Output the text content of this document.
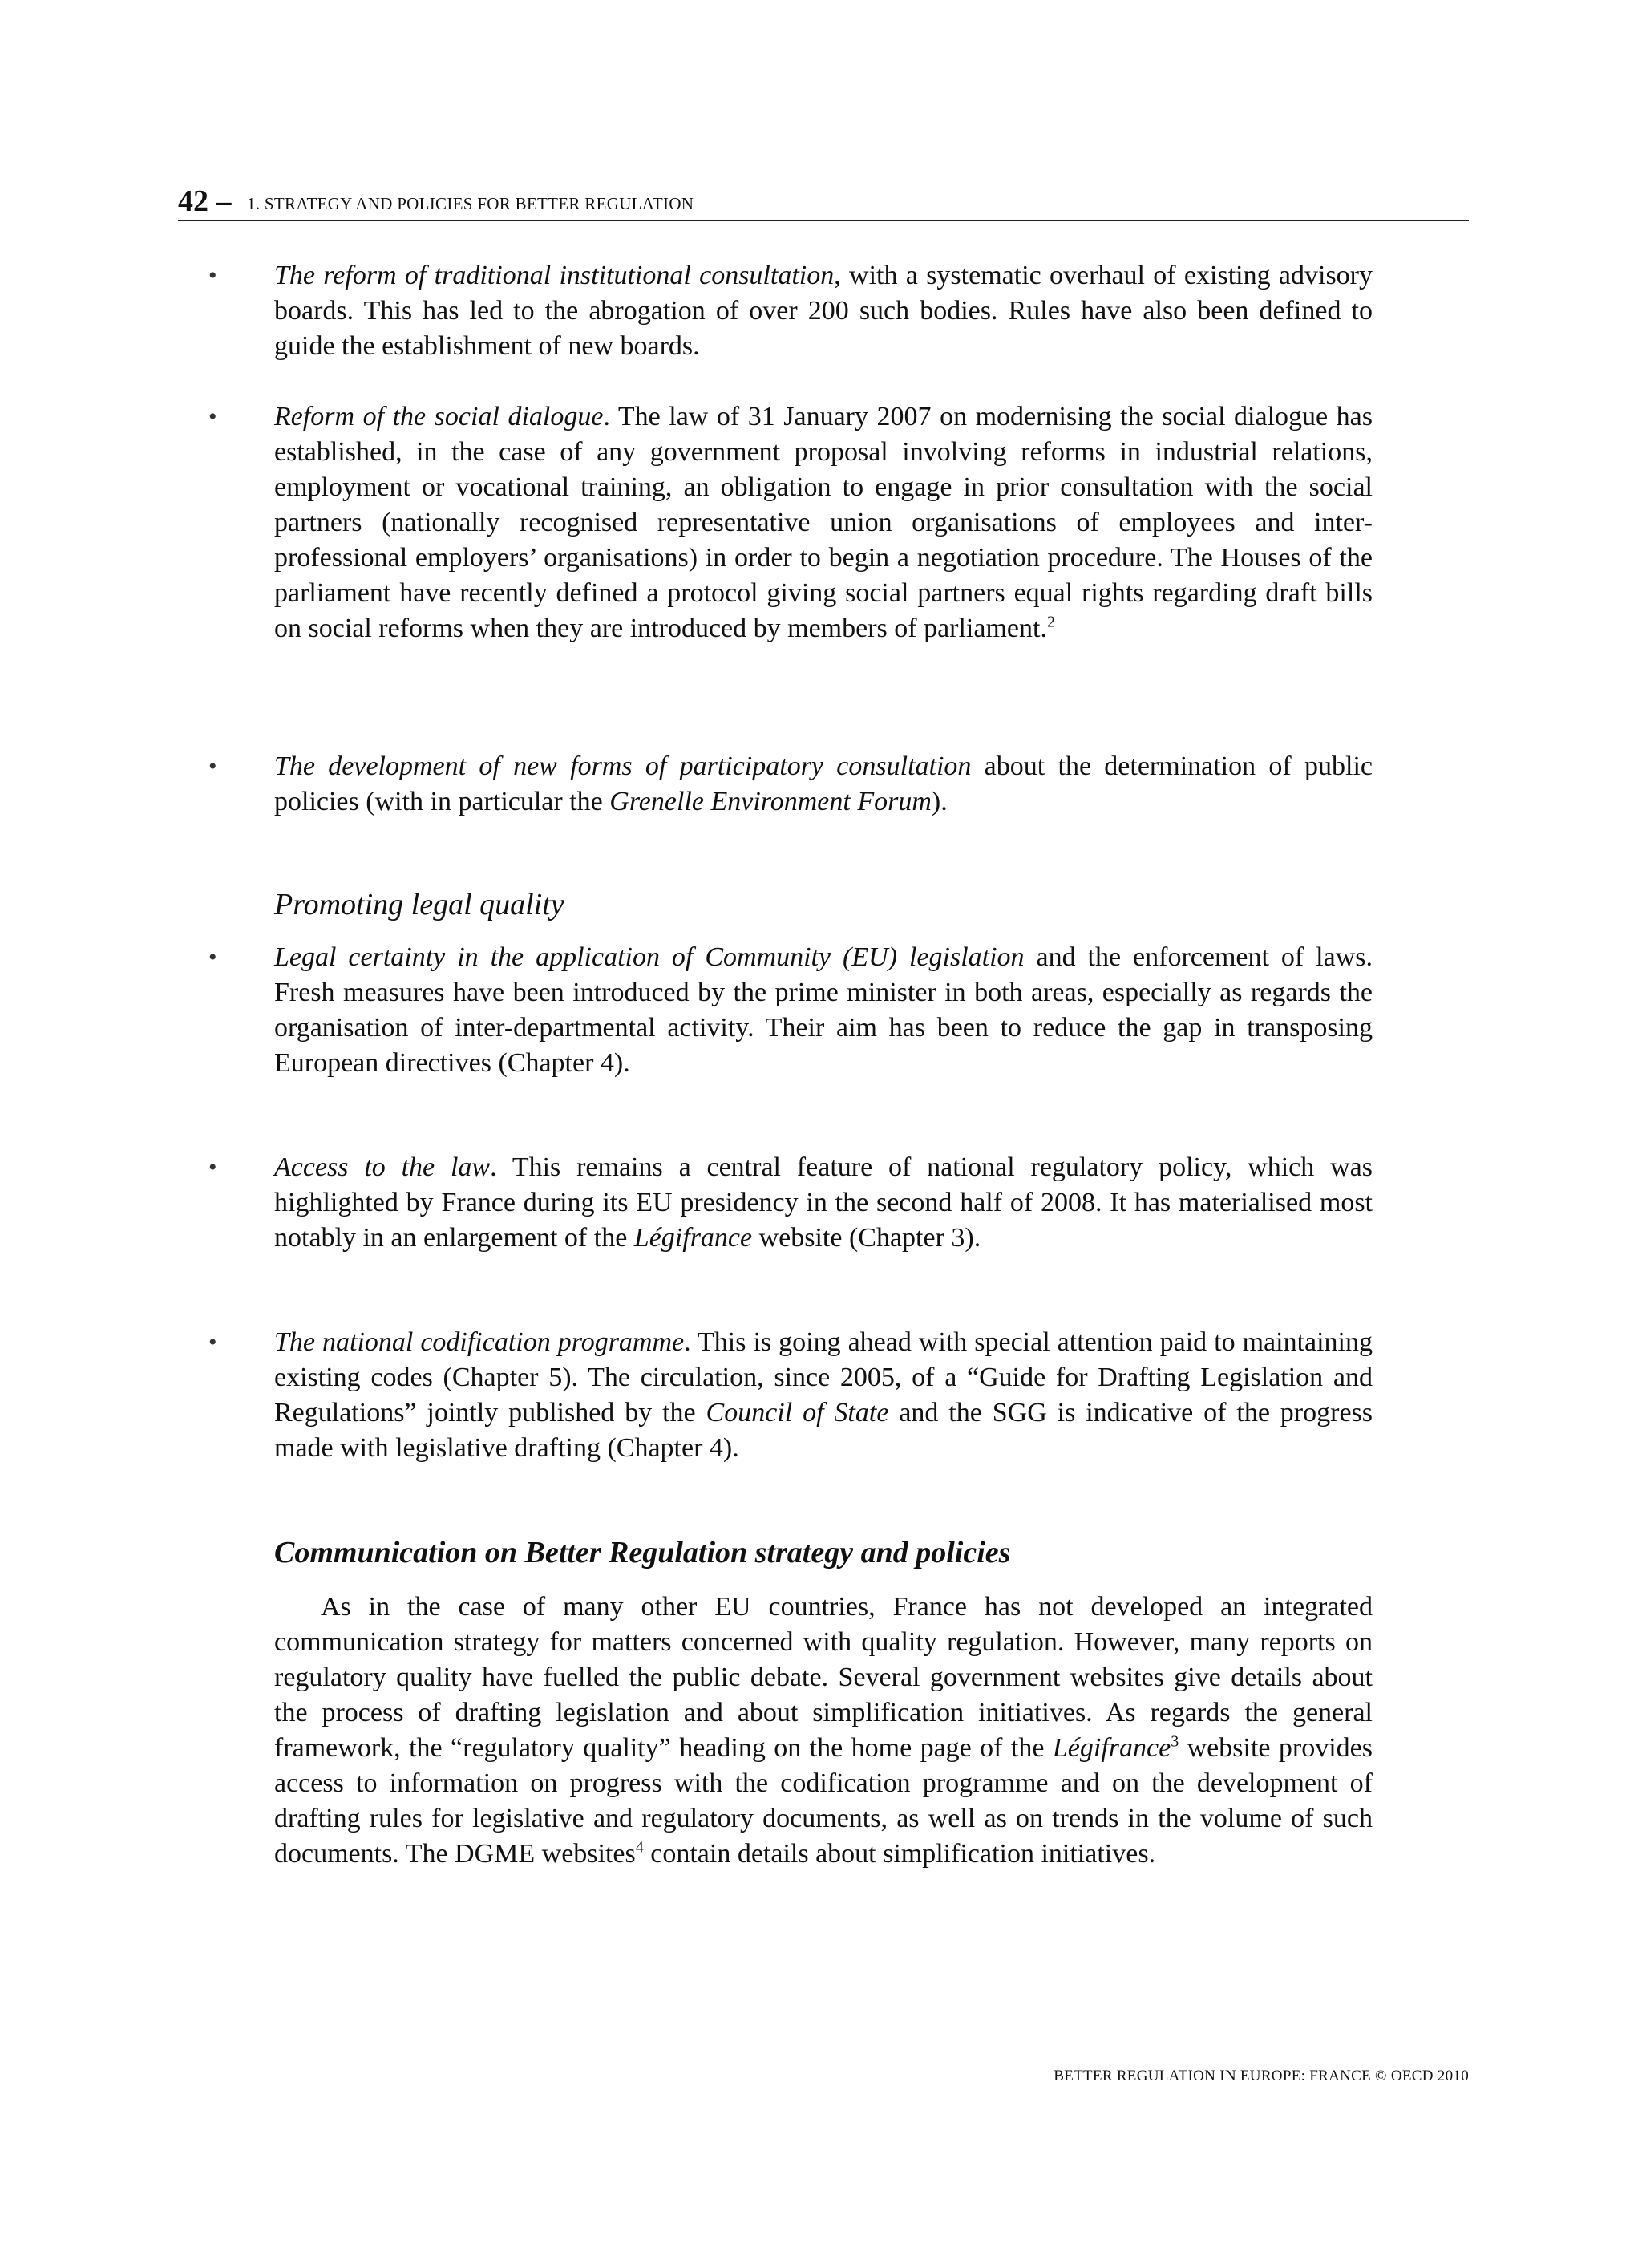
42 – 1. STRATEGY AND POLICIES FOR BETTER REGULATION
• The reform of traditional institutional consultation, with a systematic overhaul of existing advisory boards. This has led to the abrogation of over 200 such bodies. Rules have also been defined to guide the establishment of new boards.
• Reform of the social dialogue. The law of 31 January 2007 on modernising the social dialogue has established, in the case of any government proposal involving reforms in industrial relations, employment or vocational training, an obligation to engage in prior consultation with the social partners (nationally recognised representative union organisations of employees and inter-professional employers’ organisations) in order to begin a negotiation procedure. The Houses of the parliament have recently defined a protocol giving social partners equal rights regarding draft bills on social reforms when they are introduced by members of parliament.$^2$
• The development of new forms of participatory consultation about the determination of public policies (with in particular the Grenelle Environment Forum).
Promoting legal quality
• Legal certainty in the application of Community (EU) legislation and the enforcement of laws. Fresh measures have been introduced by the prime minister in both areas, especially as regards the organisation of inter-departmental activity. Their aim has been to reduce the gap in transposing European directives (Chapter 4).
• Access to the law. This remains a central feature of national regulatory policy, which was highlighted by France during its EU presidency in the second half of 2008. It has materialised most notably in an enlargement of the Légifrance website (Chapter 3).
• The national codification programme. This is going ahead with special attention paid to maintaining existing codes (Chapter 5). The circulation, since 2005, of a “Guide for Drafting Legislation and Regulations” jointly published by the Council of State and the SGG is indicative of the progress made with legislative drafting (Chapter 4).
Communication on Better Regulation strategy and policies
As in the case of many other EU countries, France has not developed an integrated communication strategy for matters concerned with quality regulation. However, many reports on regulatory quality have fuelled the public debate. Several government websites give details about the process of drafting legislation and about simplification initiatives. As regards the general framework, the “regulatory quality” heading on the home page of the Légifrance$^3$ website provides access to information on progress with the codification programme and on the development of drafting rules for legislative and regulatory documents, as well as on trends in the volume of such documents. The DGME websites$^4$ contain details about simplification initiatives.
BETTER REGULATION IN EUROPE: FRANCE © OECD 2010
